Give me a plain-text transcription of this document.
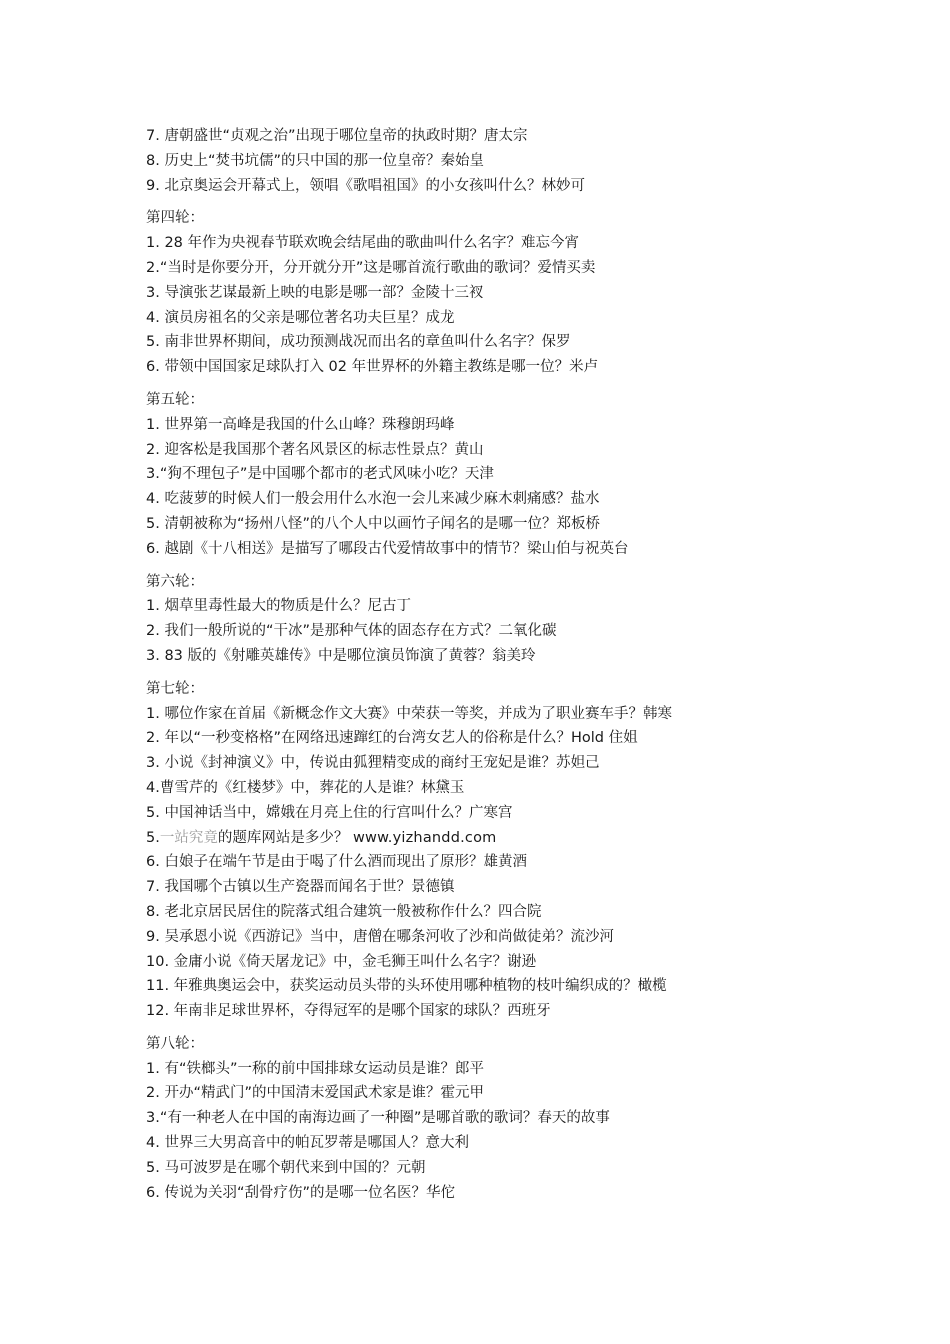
7. 唐朝盛世“贞观之治”出现于哪位皇帝的执政时期？唐太宗
8. 历史上“焚书坑儒”的只中国的那一位皇帝？秦始皇
9. 北京奥运会开幕式上，领唱《歌唱祖国》的小女孩叫什么？林妙可
第四轮：
1. 28 年作为央视春节联欢晚会结尾曲的歌曲叫什么名字？难忘今宵
2.“当时是你要分开，分开就分开”这是哪首流行歌曲的歌词？爱情买卖
3. 导演张艺谋最新上映的电影是哪一部？金陵十三衩
4. 演员房祖名的父亲是哪位著名功夫巨星？成龙
5. 南非世界杯期间，成功预测战况而出名的章鱼叫什么名字？保罗
6. 带领中国国家足球队打入 02 年世界杯的外籍主教练是哪一位？米卢
第五轮：
1. 世界第一高峰是我国的什么山峰？珠穆朗玛峰
2. 迎客松是我国那个著名风景区的标志性景点？黄山
3.“狗不理包子”是中国哪个都市的老式风味小吃？天津
4. 吃菠萝的时候人们一般会用什么水泡一会儿来减少麻木刺痛感？盐水
5. 清朝被称为“扬州八怪”的八个人中以画竹子闻名的是哪一位？郑板桥
6. 越剧《十八相送》是描写了哪段古代爱情故事中的情节？梁山伯与祝英台
第六轮：
1. 烟草里毒性最大的物质是什么？尼古丁
2. 我们一般所说的“干冰”是那种气体的固态存在方式？二氧化碳
3. 83 版的《射雕英雄传》中是哪位演员饰演了黄蓉？翁美玲
第七轮：
1. 哪位作家在首届《新概念作文大赛》中荣获一等奖，并成为了职业赛车手？韩寒
2. 年以“一秒变格格”在网络迅速蹿红的台湾女艺人的俗称是什么？Hold 住姐
3. 小说《封神演义》中，传说由狐狸精变成的商纣王宠妃是谁？苏妲己
4.曹雪芹的《红楼梦》中，葬花的人是谁？林黛玉
5. 中国神话当中，嫦娥在月亮上住的行宫叫什么？广寒宫
5.一站究竟的题库网站是多少？ www.yizhandd.com
6. 白娘子在端午节是由于喝了什么酒而现出了原形？雄黄酒
7. 我国哪个古镇以生产瓷器而闻名于世？景德镇
8. 老北京居民居住的院落式组合建筑一般被称作什么？四合院
9. 吴承恩小说《西游记》当中，唐僧在哪条河收了沙和尚做徒弟？流沙河
10. 金庸小说《倚天屠龙记》中，金毛狮王叫什么名字？谢逊
11. 年雅典奥运会中，获奖运动员头带的头环使用哪种植物的枝叶编织成的？橄榄
12. 年南非足球世界杯，夺得冠军的是哪个国家的球队？西班牙
第八轮：
1. 有“铁榔头”一称的前中国排球女运动员是谁？郎平
2. 开办“精武门”的中国清末爱国武术家是谁？霍元甲
3.“有一种老人在中国的南海边画了一种圈”是哪首歌的歌词？春天的故事
4. 世界三大男高音中的帕瓦罗蒂是哪国人？意大利
5. 马可波罗是在哪个朝代来到中国的？元朝
6. 传说为关羽“刮骨疗伤”的是哪一位名医？华佗
